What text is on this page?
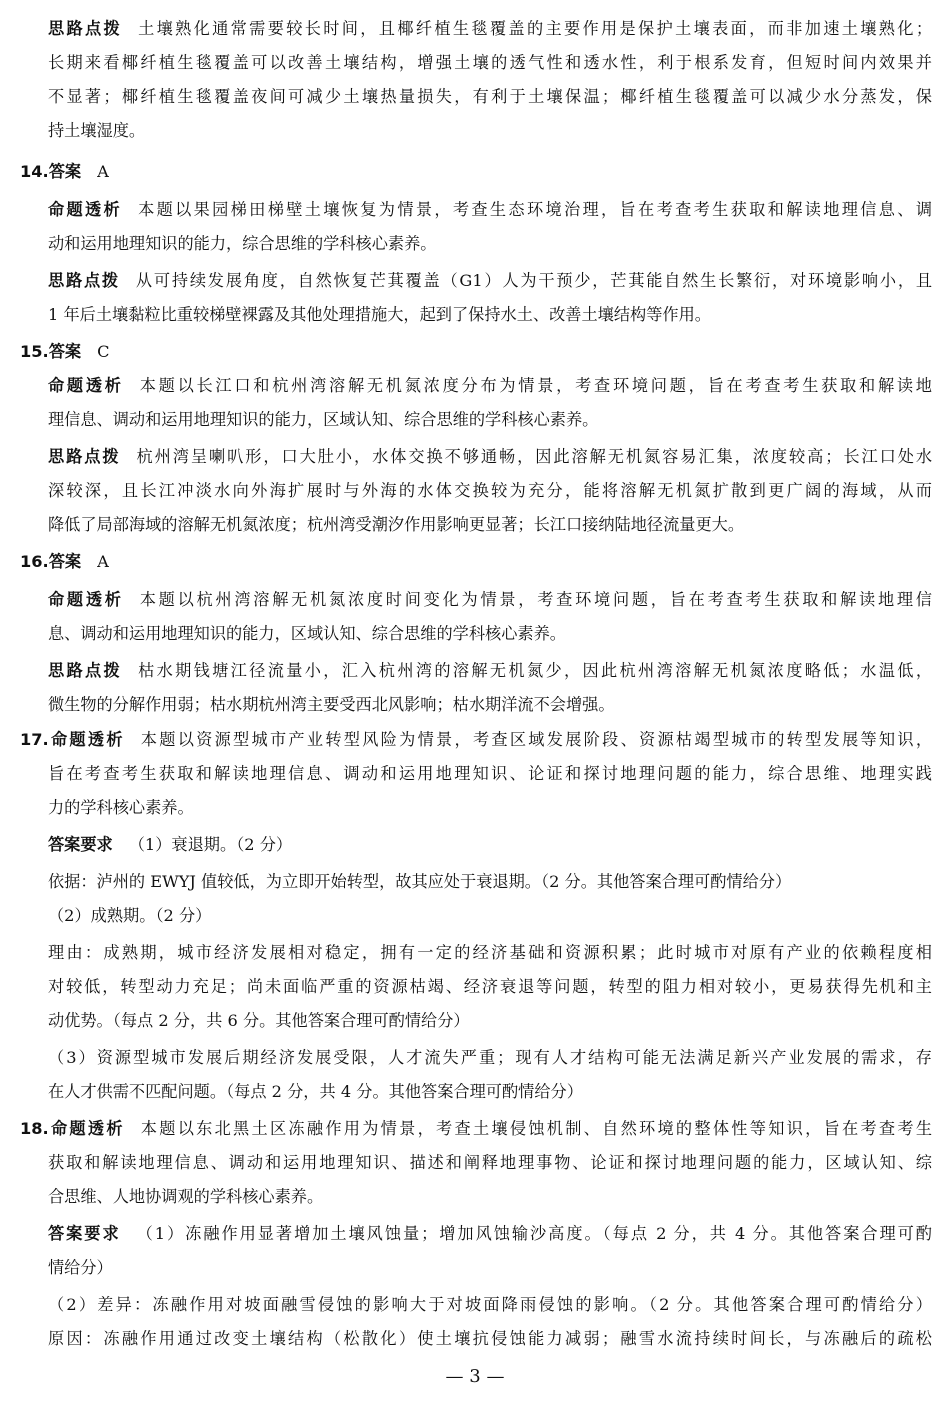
思路点拨 土壤熟化通常需要较长时间，且椰纤植生毯覆盖的主要作用是保护土壤表面，而非加速土壤熟化；
长期来看椰纤植生毯覆盖可以改善土壤结构，增强土壤的透气性和透水性，利于根系发育，但短时间内效果并
不显著；椰纤植生毯覆盖夜间可减少土壤热量损失，有利于土壤保温；椰纤植生毯覆盖可以减少水分蒸发，保
持土壤湿度。
14.答案 A
命题透析 本题以果园梯田梯壁土壤恢复为情景，考查生态环境治理，旨在考查考生获取和解读地理信息、调
动和运用地理知识的能力，综合思维的学科核心素养。
思路点拨 从可持续发展角度，自然恢复芒萁覆盖（G1）人为干预少，芒萁能自然生长繁衍，对环境影响小，且
1 年后土壤黏粒比重较梯壁裸露及其他处理措施大，起到了保持水土、改善土壤结构等作用。
15.答案 C
命题透析 本题以长江口和杭州湾溶解无机氮浓度分布为情景，考查环境问题，旨在考查考生获取和解读地
理信息、调动和运用地理知识的能力，区域认知、综合思维的学科核心素养。
思路点拨 杭州湾呈喇叭形，口大肚小，水体交换不够通畅，因此溶解无机氮容易汇集，浓度较高；长江口处水
深较深，且长江冲淡水向外海扩展时与外海的水体交换较为充分，能将溶解无机氮扩散到更广阔的海域，从而
降低了局部海域的溶解无机氮浓度；杭州湾受潮汐作用影响更显著；长江口接纳陆地径流量更大。
16.答案 A
命题透析 本题以杭州湾溶解无机氮浓度时间变化为情景，考查环境问题，旨在考查考生获取和解读地理信
息、调动和运用地理知识的能力，区域认知、综合思维的学科核心素养。
思路点拨 枯水期钱塘江径流量小，汇入杭州湾的溶解无机氮少，因此杭州湾溶解无机氮浓度略低；水温低，
微生物的分解作用弱；枯水期杭州湾主要受西北风影响；枯水期洋流不会增强。
17.命题透析 本题以资源型城市产业转型风险为情景，考查区域发展阶段、资源枯竭型城市的转型发展等知识，
旨在考查考生获取和解读地理信息、调动和运用地理知识、论证和探讨地理问题的能力，综合思维、地理实践
力的学科核心素养。
答案要求 （1）衰退期。（2 分）
依据：泸州的 EWYJ 值较低，为立即开始转型，故其应处于衰退期。（2 分。其他答案合理可酌情给分）
（2）成熟期。（2 分）
理由：成熟期，城市经济发展相对稳定，拥有一定的经济基础和资源积累；此时城市对原有产业的依赖程度相
对较低，转型动力充足；尚未面临严重的资源枯竭、经济衰退等问题，转型的阻力相对较小，更易获得先机和主
动优势。（每点 2 分，共 6 分。其他答案合理可酌情给分）
（3）资源型城市发展后期经济发展受限，人才流失严重；现有人才结构可能无法满足新兴产业发展的需求，存
在人才供需不匹配问题。（每点 2 分，共 4 分。其他答案合理可酌情给分）
18.命题透析 本题以东北黑土区冻融作用为情景，考查土壤侵蚀机制、自然环境的整体性等知识，旨在考查考生
获取和解读地理信息、调动和运用地理知识、描述和阐释地理事物、论证和探讨地理问题的能力，区域认知、综
合思维、人地协调观的学科核心素养。
答案要求 （1）冻融作用显著增加土壤风蚀量；增加风蚀输沙高度。（每点 2 分，共 4 分。其他答案合理可酌
情给分）
（2）差异：冻融作用对坡面融雪侵蚀的影响大于对坡面降雨侵蚀的影响。（2 分。其他答案合理可酌情给分）
原因：冻融作用通过改变土壤结构（松散化）使土壤抗侵蚀能力减弱；融雪水流持续时间长，与冻融后的疏松
— 3 —
